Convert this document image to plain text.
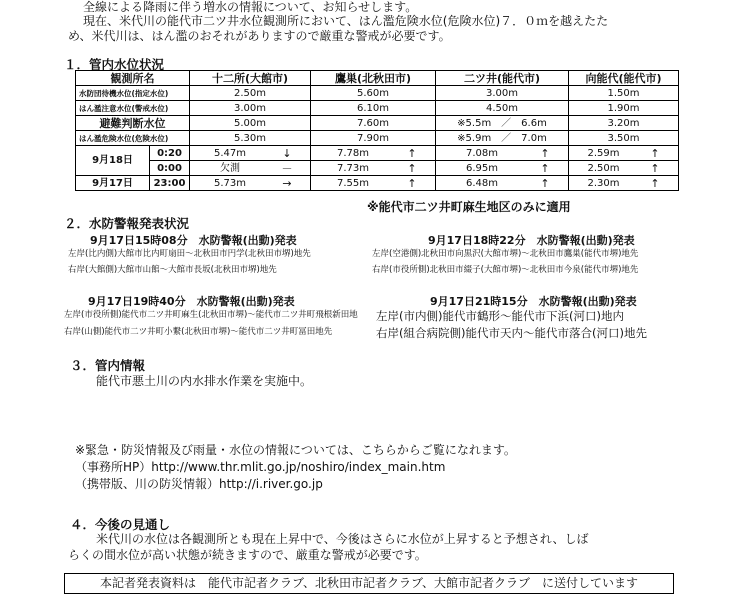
全線による降雨に伴う増水の情報について、お知らせします。
現在、米代川の能代市二ツ井水位観測所において、はん濫危険水位(危険水位)７．０ｍを越えたた
め、米代川は、はん濫のおそれがありますので厳重な警戒が必要です。
１．管内水位状況
観測所名		十二所(大館市)	鷹巣(北秋田市)	二ツ井(能代市)	向能代(能代市)
水防団待機水位(指定水位)		2.50m	5.60m	3.00m	1.50m
はん濫注意水位(警戒水位)		3.00m	6.10m	4.50m	1.90m
避難判断水位		5.00m	7.60m	※5.5m　／　6.6m	3.20m
はん濫危険水位(危険水位)		5.30m	7.90m	※5.9m　／　7.0m	3.50m
9月18日	0:20	5.47m ↓	7.78m ↑	7.08m ↑	2.59m ↑

	0:00	欠測 －	7.73m ↑	6.95m ↑	2.50m ↑

9月17日	23:00	5.73m →	7.55m ↑	6.48m ↑	2.30m ↑
※能代市二ツ井町麻生地区のみに適用
２．水防警報発表状況
9月17日15時08分　水防警報(出動)発表
左岸(比内側)大館市比内町扇田～北秋田市円学(北秋田市堺)地先
右岸(大館側)大館市山館～大館市長坂(北秋田市堺)地先
9月17日18時22分　水防警報(出動)発表
左岸(空港側)北秋田市向黒沢(大館市堺)～北秋田市鷹巣(能代市堺)地先
右岸(市役所側)北秋田市綴子(大館市堺)～北秋田市今泉(能代市堺)地先
9月17日19時40分　水防警報(出動)発表
左岸(市役所側)能代市二ツ井町麻生(北秋田市堺)～能代市二ツ井町飛根新田地
右岸(山側)能代市二ツ井町小繋(北秋田市堺)～能代市二ツ井町冨田地先
9月17日21時15分　水防警報(出動)発表
左岸(市内側)能代市鶴形～能代市下浜(河口)地内
右岸(組合病院側)能代市天内～能代市落合(河口)地先
３．管内情報
能代市悪土川の内水排水作業を実施中。
※緊急・防災情報及び雨量・水位の情報については、こちらからご覧になれます。
（事務所HP）http://www.thr.mlit.go.jp/noshiro/index_main.htm
（携帯版、川の防災情報）http://i.river.go.jp
４．今後の見通し
米代川の水位は各観測所とも現在上昇中で、今後はさらに水位が上昇すると予想され、しば
らくの間水位が高い状態が続きますので、厳重な警戒が必要です。
本記者発表資料は　能代市記者クラブ、北秋田市記者クラブ、大館市記者クラブ　に送付しています
